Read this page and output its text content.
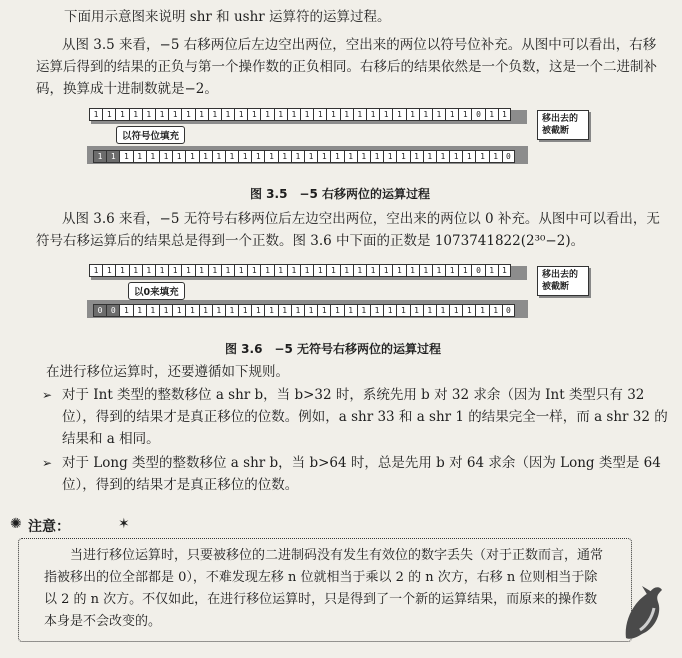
下面用示意图来说明 shr 和 ushr 运算符的运算过程。
从图 3.5 来看，−5 右移两位后左边空出两位，空出来的两位以符号位补充。从图中可以看出，右移运算后得到的结果的正负与第一个操作数的正负相同。右移后的结果依然是一个负数，这是一个二进制补码，换算成十进制数就是−2。
1	1	1	1	1	1	1	1	1	1	1	1	1	1	1	1	1	1	1	1	1	1	1	1	1	1	1	1	1	0	1 1
以符号位填充
移出去的被截断
1	1	1	1	1	1	1	1	1	1	1	1	1	1	1	1	1	1	1	1	1	1	1	1	1	1	1	1	1	1	1 0
图 3.5　−5 右移两位的运算过程
从图 3.6 来看，−5 无符号右移两位后左边空出两位，空出来的两位以 0 补充。从图中可以看出，无符号右移运算后的结果总是得到一个正数。图 3.6 中下面的正数是 1073741822(2³⁰−2)。
1	1	1	1	1	1	1	1	1	1	1	1	1	1	1	1	1	1	1	1	1	1	1	1	1	1	1	1	1	0	1 1
以0来填充
移出去的被截断
0	0	1	1	1	1	1	1	1	1	1	1	1	1	1	1	1	1	1	1	1	1	1	1	1	1	1	1	1	1	1 0
图 3.6　−5 无符号右移两位的运算过程
在进行移位运算时，还要遵循如下规则。
➢ 对于 Int 类型的整数移位 a shr b，当 b>32 时，系统先用 b 对 32 求余（因为 Int 类型只有 32 位），得到的结果才是真正移位的位数。例如，a shr 33 和 a shr 1 的结果完全一样，而 a shr 32 的结果和 a 相同。
➢ 对于 Long 类型的整数移位 a shr b，当 b>64 时，总是先用 b 对 64 求余（因为 Long 类型是 64 位），得到的结果才是真正移位的位数。
✺ 注意：	✶
当进行移位运算时，只要被移位的二进制码没有发生有效位的数字丢失（对于正数而言，通常指被移出的位全部都是 0），不难发现左移 n 位就相当于乘以 2 的 n 次方，右移 n 位则相当于除以 2 的 n 次方。不仅如此，在进行移位运算时，只是得到了一个新的运算结果，而原来的操作数本身是不会改变的。
